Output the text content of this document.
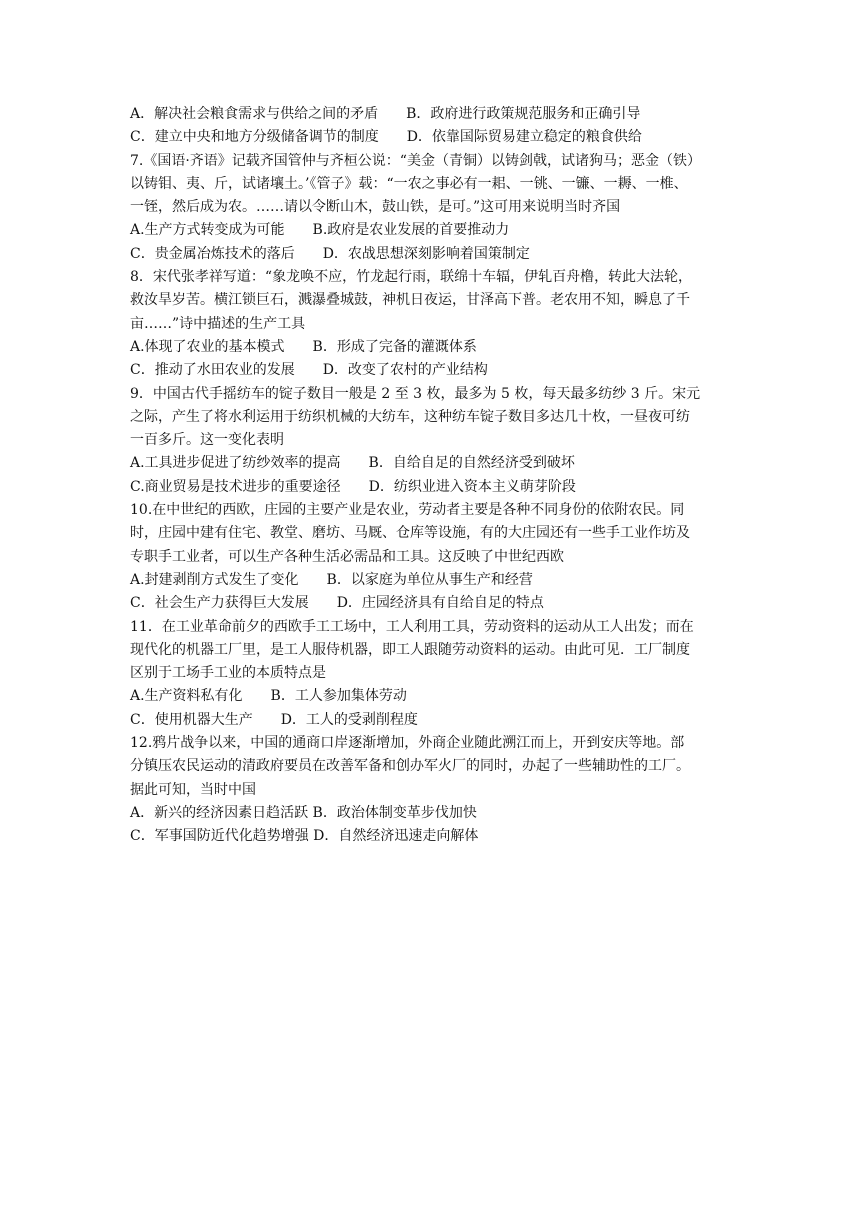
A．解决社会粮食需求与供给之间的矛盾　　B．政府进行政策规范服务和正确引导
C．建立中央和地方分级储备调节的制度　　D．依靠国际贸易建立稳定的粮食供给
7.《国语·齐语》记载齐国管仲与齐桓公说：“美金（青铜）以铸剑戟，试诸狗马；恶金（铁）
以铸钼、夷、斤，试诸壤土。’《管子》载：“一农之事必有一耜、一铫、一镰、一耨、一椎、
一铚，然后成为农。……请以令断山木，鼓山铁，是可。”这可用来说明当时齐国
A.生产方式转变成为可能　　B.政府是农业发展的首要推动力
C．贵金属冶炼技术的落后　　D．农战思想深刻影响着国策制定
8．宋代张孝祥写道：“象龙唤不应，竹龙起行雨，联绵十车辐，伊轧百舟橹，转此大法轮，
救汝旱岁苦。横江锁巨石，溅瀑叠城鼓，神机日夜运，甘泽高下普。老农用不知，瞬息了千
亩……”诗中描述的生产工具
A.体现了农业的基本模式　　B．形成了完备的灌溉体系
C．推动了水田农业的发展　　D．改变了农村的产业结构
9．中国古代手摇纺车的锭子数目一般是 2 至 3 枚，最多为 5 枚，每天最多纺纱 3 斤。宋元
之际，产生了将水利运用于纺织机械的大纺车，这种纺车锭子数目多达几十枚，一昼夜可纺
一百多斤。这一变化表明
A.工具进步促进了纺纱效率的提高　　B．自给自足的自然经济受到破坏
C.商业贸易是技术进步的重要途径　　D．纺织业进入资本主义萌芽阶段
10.在中世纪的西欧，庄园的主要产业是农业，劳动者主要是各种不同身份的依附农民。同
时，庄园中建有住宅、教堂、磨坊、马厩、仓库等设施，有的大庄园还有一些手工业作坊及
专职手工业者，可以生产各种生活必需品和工具。这反映了中世纪西欧
A.封建剥削方式发生了变化　　B．以家庭为单位从事生产和经营
C．社会生产力获得巨大发展　　D．庄园经济具有自给自足的特点
11．在工业革命前夕的西欧手工工场中，工人利用工具，劳动资料的运动从工人出发；而在
现代化的机器工厂里，是工人服侍机器，即工人跟随劳动资料的运动。由此可见．工厂制度
区别于工场手工业的本质特点是
A.生产资料私有化　　B．工人参加集体劳动
C．使用机器大生产　　D．工人的受剥削程度
12.鸦片战争以来，中国的通商口岸逐渐增加，外商企业随此溯江而上，开到安庆等地。部
分镇压农民运动的清政府要员在改善军备和创办军火厂的同时，办起了一些辅助性的工厂。
据此可知，当时中国
A．新兴的经济因素日趋活跃 B．政治体制变革步伐加快
C．军事国防近代化趋势增强 D．自然经济迅速走向解体
